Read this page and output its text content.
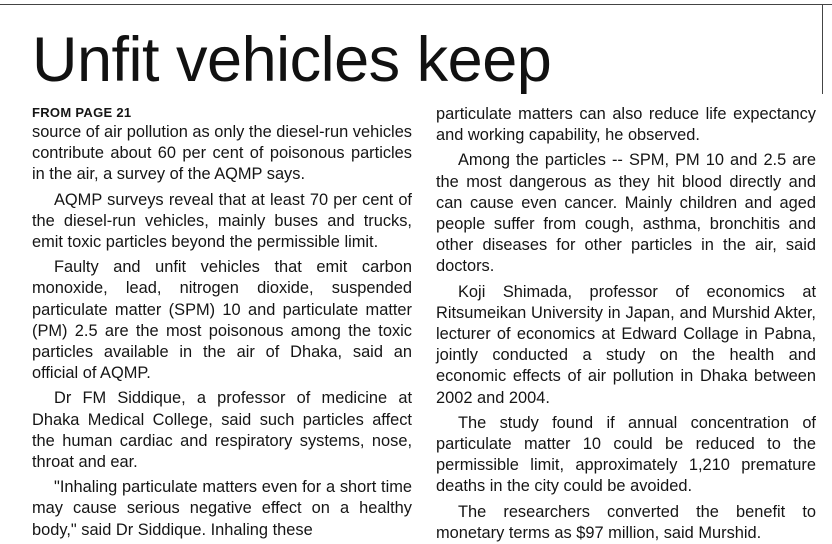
Unfit vehicles keep
FROM PAGE 21

source of air pollution as only the diesel-run vehicles contribute about 60 per cent of poisonous particles in the air, a survey of the AQMP says.

AQMP surveys reveal that at least 70 per cent of the diesel-run vehicles, mainly buses and trucks, emit toxic particles beyond the permissible limit.

Faulty and unfit vehicles that emit carbon monoxide, lead, nitrogen dioxide, suspended particulate matter (SPM) 10 and particulate matter (PM) 2.5 are the most poisonous among the toxic particles available in the air of Dhaka, said an official of AQMP.

Dr FM Siddique, a professor of medicine at Dhaka Medical College, said such particles affect the human cardiac and respiratory systems, nose, throat and ear.

"Inhaling particulate matters even for a short time may cause serious negative effect on a healthy body," said Dr Siddique. Inhaling these

particulate matters can also reduce life expectancy and working capability, he observed.

Among the particles -- SPM, PM 10 and 2.5 are the most dangerous as they hit blood directly and can cause even cancer. Mainly children and aged people suffer from cough, asthma, bronchitis and other diseases for other particles in the air, said doctors.

Koji Shimada, professor of economics at Ritsumeikan University in Japan, and Murshid Akter, lecturer of economics at Edward Collage in Pabna, jointly conducted a study on the health and economic effects of air pollution in Dhaka between 2002 and 2004.

The study found if annual concentration of particulate matter 10 could be reduced to the permissible limit, approximately 1,210 premature deaths in the city could be avoided.

The researchers converted the benefit to monetary terms as $97 million, said Murshid.
